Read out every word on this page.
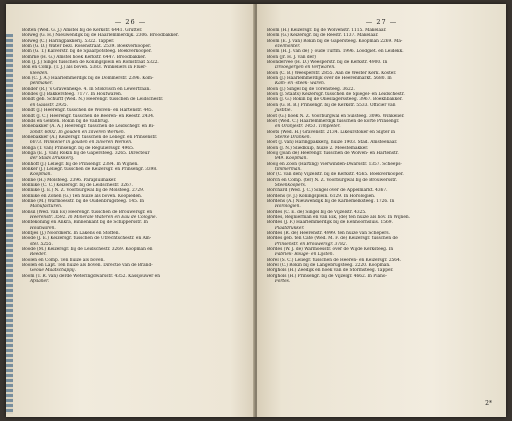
— 26 —
Bolten (Wed. G. J.) Amstel bij de Kerkstr. 6441. Grutter.
Bolweg (G. H.) Nieuwendijk bij de Haarlemmerdijk. 2306. Broodbakker.
Bolweg (C.) Haringpakkerij. 5322. Tapper.
Bom (G. D.) Water bezl. Rosenstraat. 2539. Boekverkooper.
Bom (G. T.) Kalverstr. bij de Spaarpotsteeg. Boekverkooper.
Bomrke (H. G.) Amstel hoek Kerkstr. 6447. Broodbakker.
Bon (J. J.) Singel tusschen de Koningsplein en Romstraat 5322.
Bon en Comp. (T. J.) als boven. 5383. Winkeliers in Fluer-
kleeden.
Bon (C. J. A.) Haarlemmerdijk bij de Dommerstr. 2396. Kom-
penmaker.
Bonder (R.) 's Gravenhekje. 4. In Stokvisch en Lewertraan.
Bondes (J.) Bakkersteeg. 7177. In Houtwaren.
Bondt geb. Schurff (Wed. N.) Heerengr. tusschen de Leidschestr.
en Gaasstr. 2935.
Bondt (J.) Heerengr. tusschen de Wolven- en Hartenstr. 445.
Bondt (J. C.) Heerengr. tusschen de Beeren- en Reestr. 2434.
Bonds en Genten. Rokin bij de Vallbrug.
Bonebakker (A. A.) Heerengr. tusschen de Leidschegr. en Bi-
zondr. 6002. In gouden en zilveren Werken.
Bonebakker (A.) Keizersgr. tusschen de Leliegr. en Prinsenstr.
6073. Winkelier in gouden en zilveren Werken.
Bonga (T. van) Prinsengr. bij de Regulierssgr. 4965.
Bonga (E. J. van) Rokin bij de Gapersteeg. 3265. Directeur
der Stads Drukkerij.
Bonhoff (J.) Leliegr. bij de Prinsengr. 2384. In Wijnen.
Bonker (J.) Leliegr. tusschen de Keizersgr. en Prinsengr. 3398.
Koopman.
Bonne (H.) Molsteeg. 2396. Parapluimaker.
Bonnike (C. C.) Keizersgr. bij de Leidschestr. 3267.
Bonnike (J. E.) N. Z. Voorburgwal bij de Molsteeg. 2729.
Bonnike en Zonen (G.) Ten huize als boven. Koopieden.
Bonne (M.) Warmoesstr. bij de Oudenbrugsteeg. 145. In
Manufacturen.
Bonsil (Wed. van Es) Heerengr. tusschen de Brouwersgr. en
Heerenstr. 3592. In Minerale Wateren en Eau de Cologne.
Bontekoning en Ankra, Binnenkant bij de Schippersstr. In
Houtwaren.
Bontjes (J.) Noordkerk. In Lakens en Stoffen.
Boode (J. E.) Keizersgr. tusschen de Utrechtschestr. en Am-
stel. 5255.
Boode (M.) Keizersgr. bij de Leidschestr. 3269. Koopman en
Reeder.
Boolen en Comp. Ten huize als boven.
Boolen en Lapt. Ten huize als boven. Directie van de Brand-
Geoue Maatschappij.
Boom (T. R. van) derde Weteringdwarsstr. 4352. Kassjouwer en
Afslaner.
— 27 —
Boom (H.) Keizersgr. bij de Wolvenstr. 1115. Makelaar.
Boom (G.) Keizersgr. bij de Reestr. 1137. Makelaar.
Boom (E. J. van) Rokin bij de Gapersteeg. Koopman 2269. Ma-
ezelmonter.
Boom (H. J. van de) } oude Turfm. 1996. Loodgiet. en Leidekk.
Boon (Jr. H. J. van der)
Boondervee (H. D.) Weesperstr. bij de Kerkstr. 4900. In
Drooegerijen en Verfwaren.
Boon (C. B.) Weesperstr. 2855. Aan de Wester Kerk. Koster.
Boon (J.) Haarlemmerdijk over de Heerenmarkt. 5680. In
Kam- en -steek- waren.
Boon (J.) Singel bij de Torensteeg. 3622.
Boon (J. Staats) Keizersgr. tusschen de Spiegel- en Leidschestr.
Boon (J. G.) Rokin bij de Olieslagerssteeg. 3967. Boekhbakker.
Boon (G. R. B.) Prinsengr. bij de Kerkstr. 5533. Officier van
Justitie.
Boot (G.) hoek N. Z. Voorburgwal en Sulsteeg. 3096. Winkelier.
Boot (Wed. C.) Haarlemmerdijk tusschen de korte Prinsengr.
en Oranjestr. 1451. Timpleter.
Boots (Wed. H.) Gravenstr. 2134. Likeurstoker en Slijter in
Sterke Dranken.
Boot (J. van) Haringpakkerij, huize 1903. Stad. Amsteenaar.
Boon (J. N.) Sliedkuip, huize 2. Meestemakker.
Booij (Joan de) Heerengr. tusschen de Wolven- en Hartenstr.
849. Koopman.
Booij en Zoon (Harting) Vierwinden-Dwarsstr. 1357. Scheeps-
timmerman.
Bor (C. van den) Vijzelstr. bij de Kerkstr. 4565. Boekverkooper.
Borch en Comp. (ter) N. Z. Voorburgwal bij de Brouwersstr.
Steenkoopers.
Borchard (Wed. J. C.) Singel over de Appelmarkt. 4367.
Bordens (F. J.) Koningsplein. 6129. In Horologien.
Bordens (A.) Nieuwendijk bij de Karnemelksteeg. 1726. In
Horologien.
Bordes (C. E. de) Singel bij de Vijzelstr. 4325.
Bordes, Reijnierman en van Eik, (de) ten huize als hov. In Wijnen.
Bordes (J. F.) Haarlemmerdijk bij de Eenhoornsluis. 1569.
Plaatdrukker.
Bordes (R. de) Heerenstr. 4999. ten huize van Schepers.
Bordes geb. ten Cate (Wed. M. F. de) Keizersgr. tusschen de
Prinsenstr. en Brouwersgr. 3782.
Bordes (W. J. de) Warmoesstr. over de Wijde Kerksteeg. In
Fabriek- Rouge- en Lijsten.
Borel (S. C.) Leliegr. tusschen de Heeren- en Keizersgr. 2564.
Borel (C.) Rokin bij de Langebrugsteeg. 2220. Koopman.
Borghols (H.) Zeedijk en hoek van de Stormsteeg. Tapper.
Borghols (H.) Prinsengr. bij de Vijzelgr. 4662. In Piano-
Fortes.
2*
